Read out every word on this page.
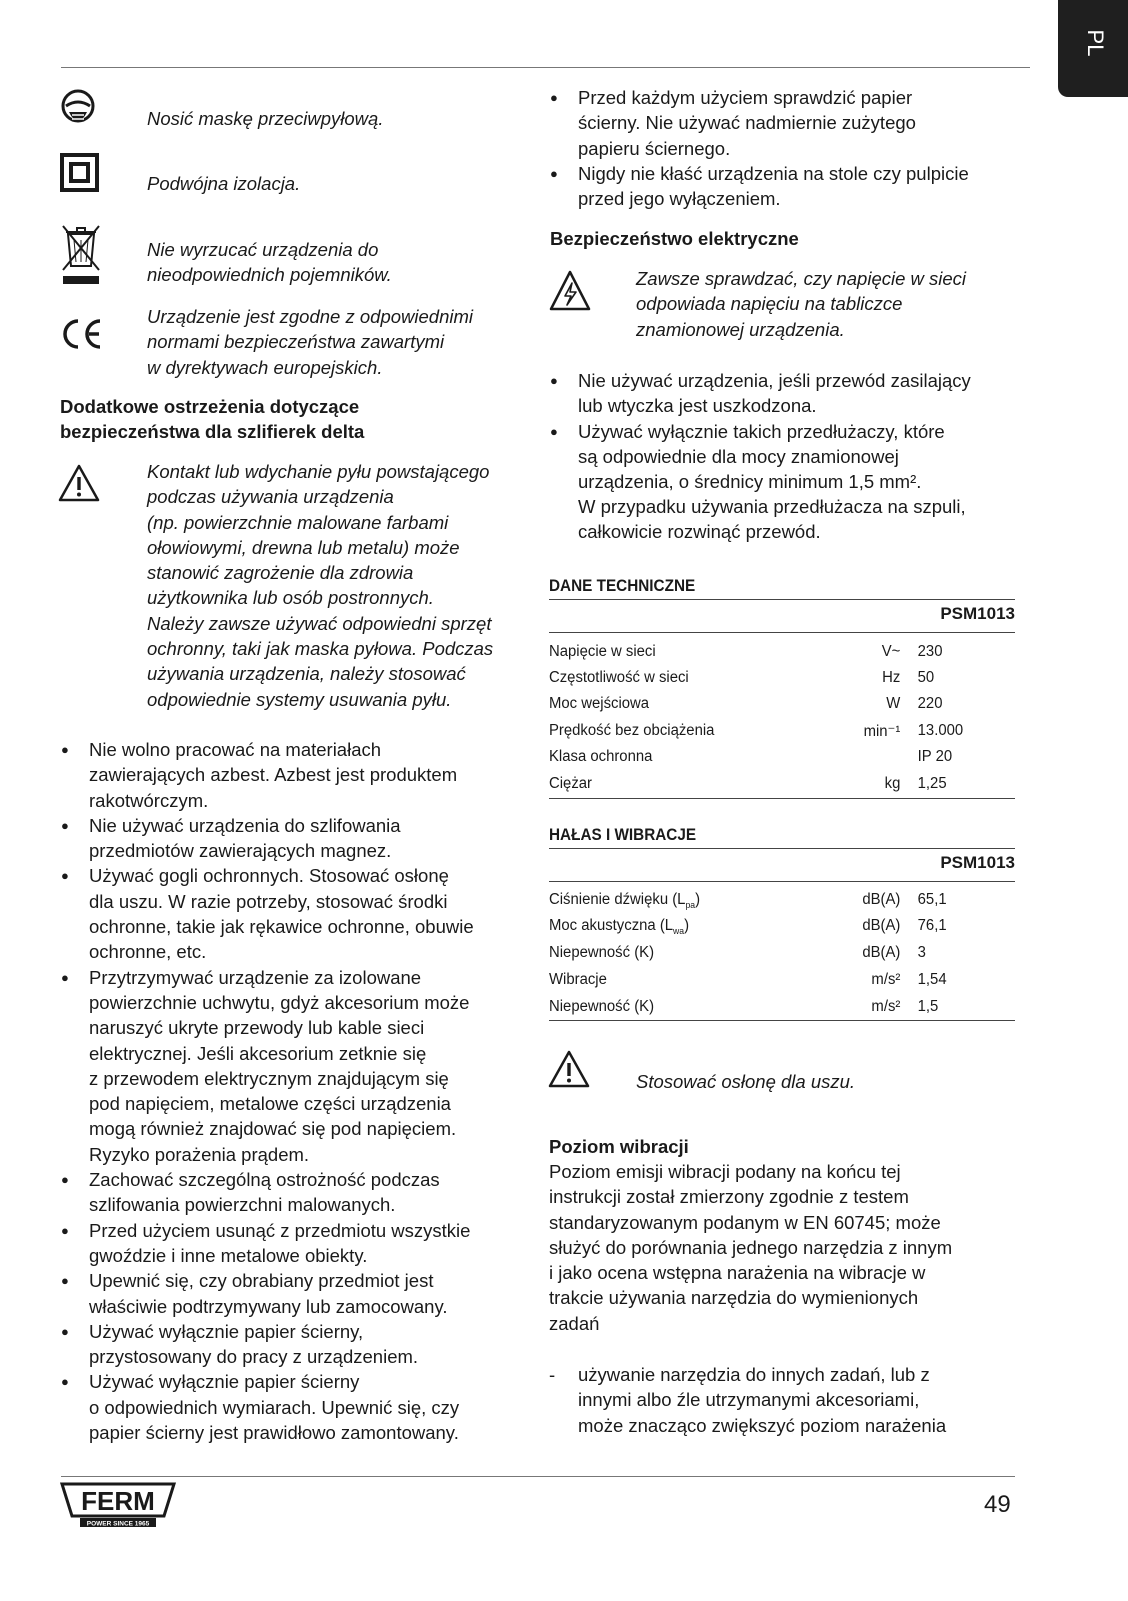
PL
Nosić maskę przeciwpyłową.
Podwójna izolacja.
Nie wyrzucać urządzenia do
nieodpowiednich pojemników.
Urządzenie jest zgodne z odpowiednimi
normami bezpieczeństwa zawartymi
w dyrektywach europejskich.
Dodatkowe ostrzeżenia dotyczące
bezpieczeństwa dla szlifierek delta
Kontakt lub wdychanie pyłu powstającego
podczas używania urządzenia
(np. powierzchnie malowane farbami
ołowiowymi, drewna lub metalu) może
stanowić zagrożenie dla zdrowia
użytkownika lub osób postronnych.
Należy zawsze używać odpowiedni sprzęt
ochronny, taki jak maska pyłowa. Podczas
używania urządzenia, należy stosować
odpowiednie systemy usuwania pyłu.
● Nie wolno pracować na materiałach
zawierających azbest. Azbest jest produktem
rakotwórczym.
● Nie używać urządzenia do szlifowania
przedmiotów zawierających magnez.
● Używać gogli ochronnych. Stosować osłonę
dla uszu. W razie potrzeby, stosować środki
ochronne, takie jak rękawice ochronne, obuwie
ochronne, etc.
● Przytrzymywać urządzenie za izolowane
powierzchnie uchwytu, gdyż akcesorium może
naruszyć ukryte przewody lub kable sieci
elektrycznej. Jeśli akcesorium zetknie się
z przewodem elektrycznym znajdującym się
pod napięciem, metalowe części urządzenia
mogą również znajdować się pod napięciem.
Ryzyko porażenia prądem.
● Zachować szczególną ostrożność podczas
szlifowania powierzchni malowanych.
● Przed użyciem usunąć z przedmiotu wszystkie
gwoździe i inne metalowe obiekty.
● Upewnić się, czy obrabiany przedmiot jest
właściwie podtrzymywany lub zamocowany.
● Używać wyłącznie papier ścierny,
przystosowany do pracy z urządzeniem.
● Używać wyłącznie papier ścierny
o odpowiednich wymiarach. Upewnić się, czy
papier ścierny jest prawidłowo zamontowany.
● Przed każdym użyciem sprawdzić papier
ścierny. Nie używać nadmiernie zużytego
papieru ściernego.
● Nigdy nie kłaść urządzenia na stole czy pulpicie
przed jego wyłączeniem.
Bezpieczeństwo elektryczne
Zawsze sprawdzać, czy napięcie w sieci
odpowiada napięciu na tabliczce
znamionowej urządzenia.
● Nie używać urządzenia, jeśli przewód zasilający
lub wtyczka jest uszkodzona.
● Używać wyłącznie takich przedłużaczy, które
są odpowiednie dla mocy znamionowej
urządzenia, o średnicy minimum 1,5 mm².
W przypadku używania przedłużacza na szpuli,
całkowicie rozwinąć przewód.
DANE TECHNICZNE
PSM1013
Napięcie w sieci	V~ 230
Częstotliwość w sieci	Hz 50
Moc wejściowa	W 220
Prędkość bez obciążenia	min⁻¹ 13.000
Klasa ochronna	IP 20
Ciężar	kg 1,25
HAŁAS I WIBRACJE
PSM1013
Ciśnienie dźwięku $(L_{pa})$	dB(A) 65,1
Moc akustyczna $(L_{wa})$	dB(A) 76,1
Niepewność (K)	dB(A) 3
Wibracje	m/s² 1,54
Niepewność (K)	m/s² 1,5
Stosować osłonę dla uszu.
Poziom wibracji
Poziom emisji wibracji podany na końcu tej
instrukcji został zmierzony zgodnie z testem
standaryzowanym podanym w EN 60745; może
służyć do porównania jednego narzędzia z innym
i jako ocena wstępna narażenia na wibracje w
trakcie używania narzędzia do wymienionych
zadań
- używanie narzędzia do innych zadań, lub z
innymi albo źle utrzymanymi akcesoriami,
może znacząco zwiększyć poziom narażenia
FERM
POWER SINCE 1965
49
